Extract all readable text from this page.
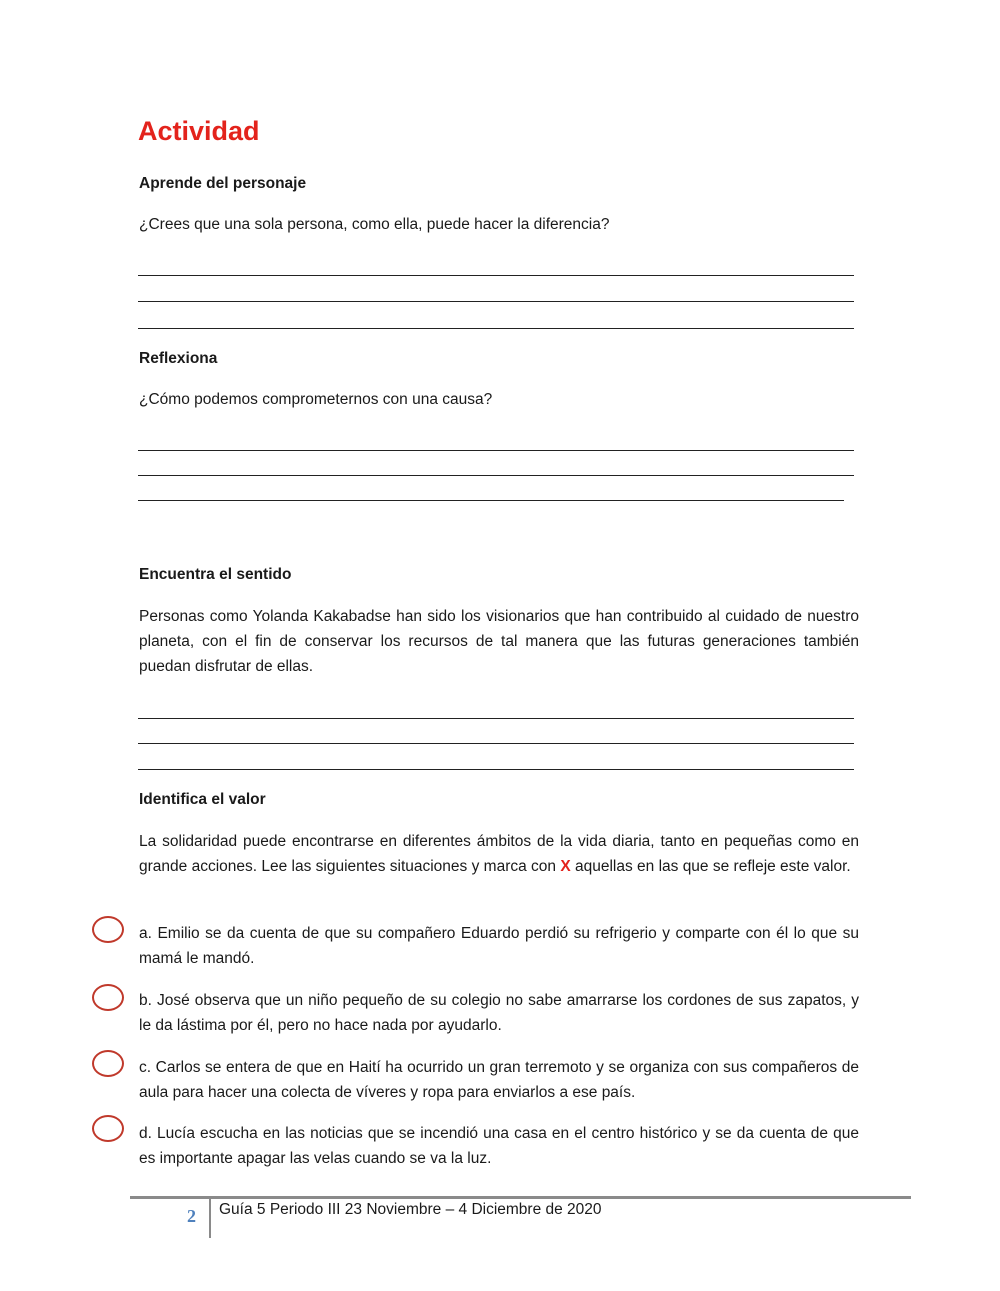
Actividad
Aprende del personaje
¿Crees que una sola persona, como ella, puede hacer la diferencia?
Reflexiona
¿Cómo podemos comprometernos con una causa?
Encuentra el sentido
Personas como Yolanda Kakabadse han sido los visionarios que han contribuido al cuidado de nuestro planeta, con el fin de conservar los recursos de tal manera que las futuras generaciones también puedan disfrutar de ellas.
Identifica el valor
La solidaridad puede encontrarse en diferentes ámbitos de la vida diaria, tanto en pequeñas como en grande acciones. Lee las siguientes situaciones y marca con X aquellas en las que se refleje este valor.
a. Emilio se da cuenta de que su compañero Eduardo perdió su refrigerio y comparte con él lo que su mamá le mandó.
b. José observa que un niño pequeño de su colegio no sabe amarrarse los cordones de sus zapatos, y le da lástima por él, pero no hace nada por ayudarlo.
c. Carlos se entera de que en Haití ha ocurrido un gran terremoto y se organiza con sus compañeros de aula para hacer una colecta de víveres y ropa para enviarlos a ese país.
d. Lucía escucha en las noticias que se incendió una casa en el centro histórico y se da cuenta de que es importante apagar las velas cuando se va la luz.
2 Guía 5 Periodo III 23 Noviembre – 4 Diciembre de 2020
